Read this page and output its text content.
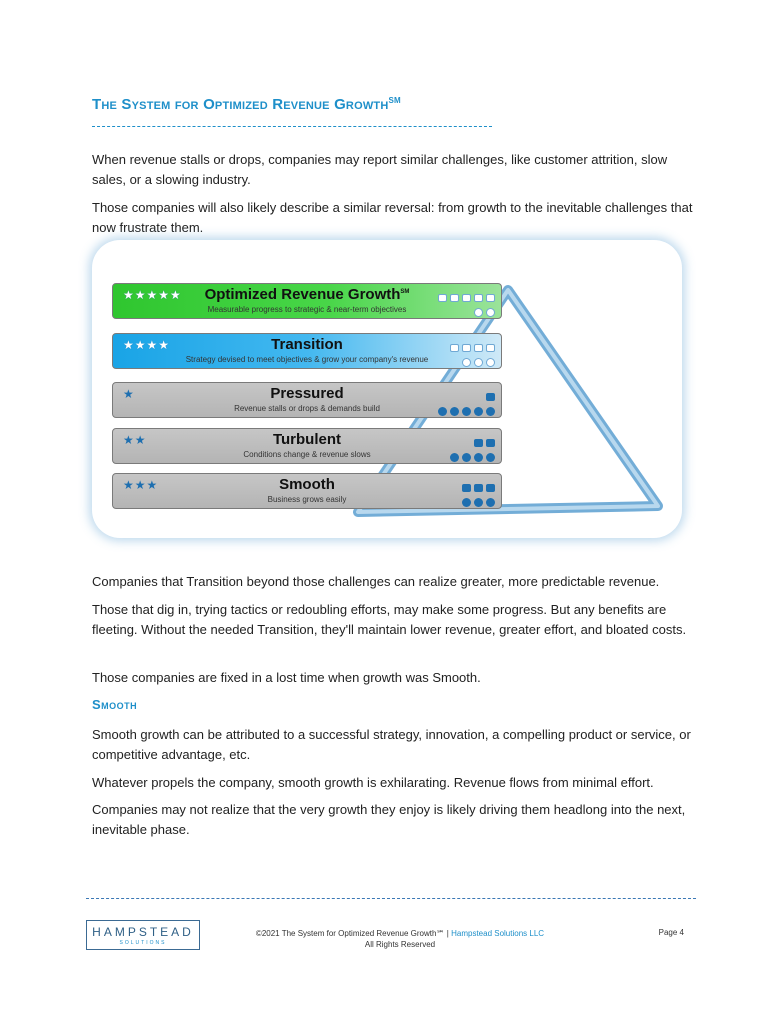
The System for Optimized Revenue Growth℠

When revenue stalls or drops, companies may report similar challenges, like customer attrition, slow sales, or a slowing industry.

Those companies will also likely describe a similar reversal: from growth to the inevitable challenges that now frustrate them.

★★★★★	Optimized Revenue Growth℠
Measurable progress to strategic & near-term objectives
★★★★	Transition
Strategy devised to meet objectives & grow your company's revenue
★	Pressured
Revenue stalls or drops & demands build
★★	Turbulent
Conditions change & revenue slows
★★★	Smooth
Business grows easily

Companies that Transition beyond those challenges can realize greater, more predictable revenue.

Those that dig in, trying tactics or redoubling efforts, may make some progress. But any benefits are fleeting. Without the needed Transition, they'll maintain lower revenue, greater effort, and bloated costs.

Those companies are fixed in a lost time when growth was Smooth.

Smooth

Smooth growth can be attributed to a successful strategy, innovation, a compelling product or service, or competitive advantage, etc.

Whatever propels the company, smooth growth is exhilarating. Revenue flows from minimal effort.

Companies may not realize that the very growth they enjoy is likely driving them headlong into the next, inevitable phase.

HAMPSTEAD
SOLUTIONS
©2021 The System for Optimized Revenue Growth℠ | Hampstead Solutions LLC
All Rights Reserved
Page 4
